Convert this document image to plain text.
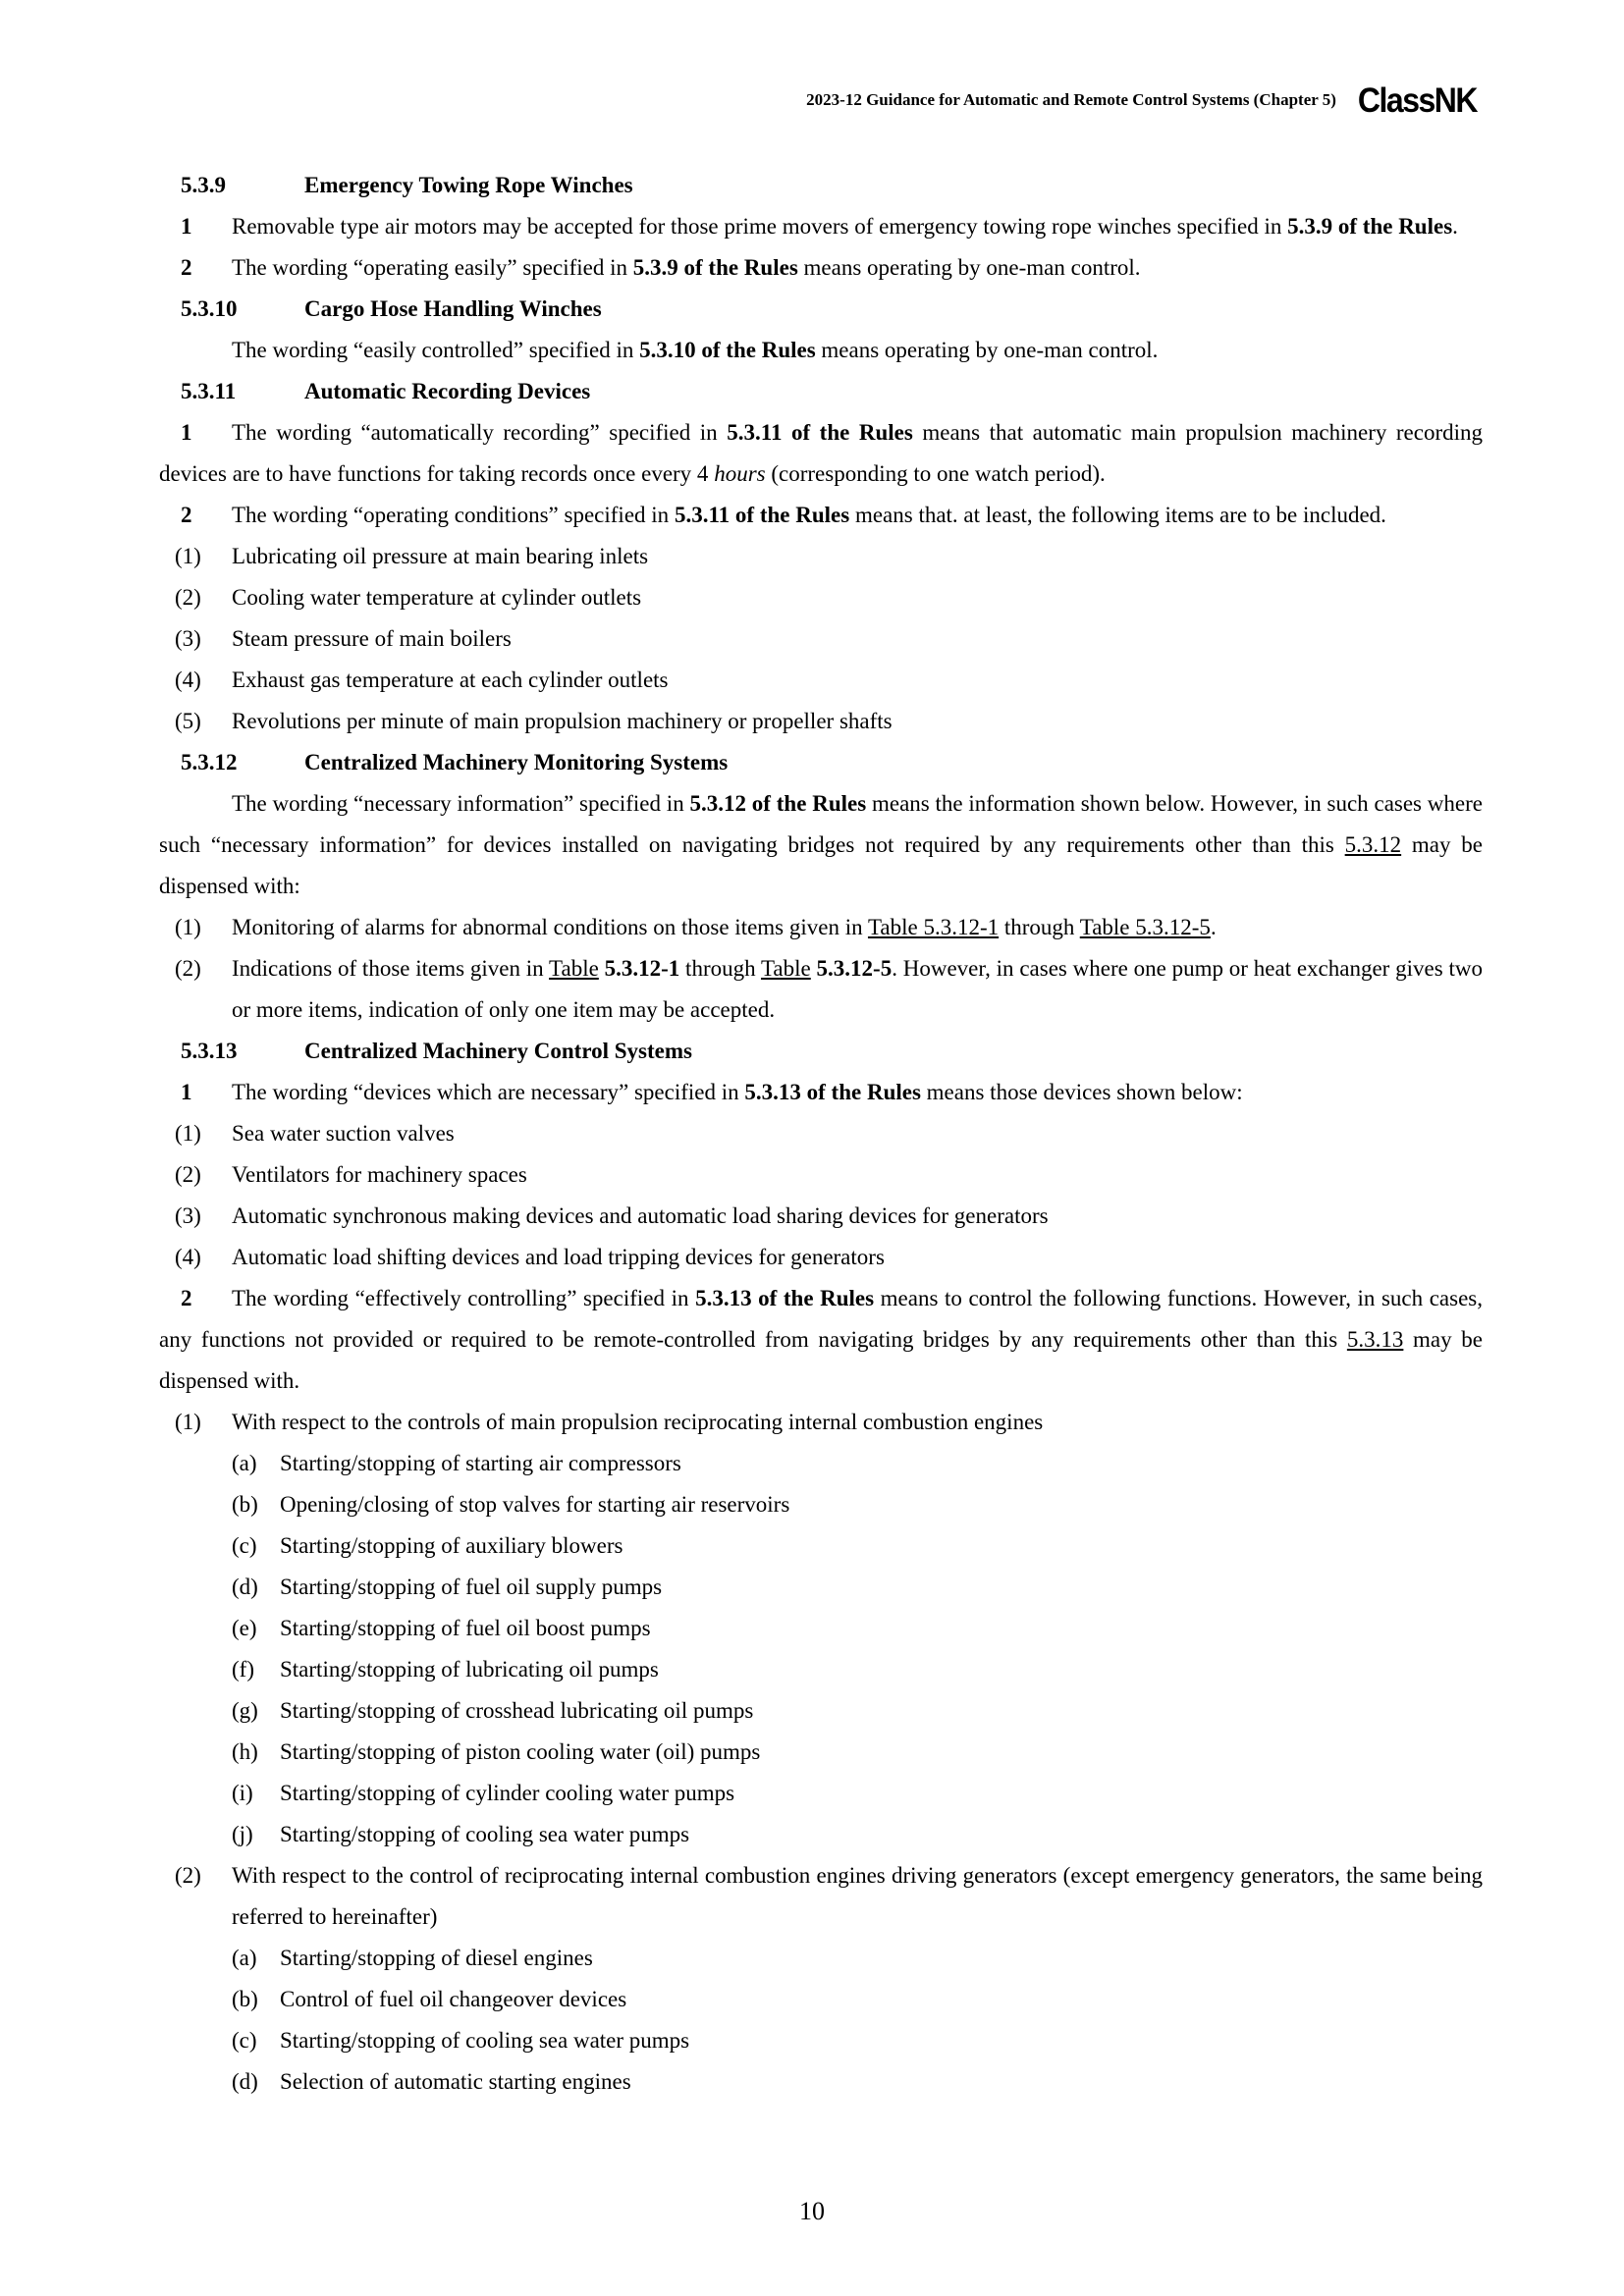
2023-12 Guidance for Automatic and Remote Control Systems (Chapter 5) ClassNK
5.3.9	Emergency Towing Rope Winches
1 Removable type air motors may be accepted for those prime movers of emergency towing rope winches specified in 5.3.9 of the Rules.
2 The wording “operating easily” specified in 5.3.9 of the Rules means operating by one-man control.
5.3.10	Cargo Hose Handling Winches
The wording “easily controlled” specified in 5.3.10 of the Rules means operating by one-man control.
5.3.11	Automatic Recording Devices
1 The wording “automatically recording” specified in 5.3.11 of the Rules means that automatic main propulsion machinery recording devices are to have functions for taking records once every 4 hours (corresponding to one watch period).
2 The wording “operating conditions” specified in 5.3.11 of the Rules means that. at least, the following items are to be included.
(1) Lubricating oil pressure at main bearing inlets
(2) Cooling water temperature at cylinder outlets
(3) Steam pressure of main boilers
(4) Exhaust gas temperature at each cylinder outlets
(5) Revolutions per minute of main propulsion machinery or propeller shafts
5.3.12	Centralized Machinery Monitoring Systems
The wording “necessary information” specified in 5.3.12 of the Rules means the information shown below. However, in such cases where such “necessary information” for devices installed on navigating bridges not required by any requirements other than this 5.3.12 may be dispensed with:
(1) Monitoring of alarms for abnormal conditions on those items given in Table 5.3.12-1 through Table 5.3.12-5.
(2) Indications of those items given in Table 5.3.12-1 through Table 5.3.12-5. However, in cases where one pump or heat exchanger gives two or more items, indication of only one item may be accepted.
5.3.13	Centralized Machinery Control Systems
1 The wording “devices which are necessary” specified in 5.3.13 of the Rules means those devices shown below:
(1) Sea water suction valves
(2) Ventilators for machinery spaces
(3) Automatic synchronous making devices and automatic load sharing devices for generators
(4) Automatic load shifting devices and load tripping devices for generators
2 The wording “effectively controlling” specified in 5.3.13 of the Rules means to control the following functions. However, in such cases, any functions not provided or required to be remote-controlled from navigating bridges by any requirements other than this 5.3.13 may be dispensed with.
(1) With respect to the controls of main propulsion reciprocating internal combustion engines
(a) Starting/stopping of starting air compressors
(b) Opening/closing of stop valves for starting air reservoirs
(c) Starting/stopping of auxiliary blowers
(d) Starting/stopping of fuel oil supply pumps
(e) Starting/stopping of fuel oil boost pumps
(f) Starting/stopping of lubricating oil pumps
(g) Starting/stopping of crosshead lubricating oil pumps
(h) Starting/stopping of piston cooling water (oil) pumps
(i) Starting/stopping of cylinder cooling water pumps
(j) Starting/stopping of cooling sea water pumps
(2) With respect to the control of reciprocating internal combustion engines driving generators (except emergency generators, the same being referred to hereinafter)
(a) Starting/stopping of diesel engines
(b) Control of fuel oil changeover devices
(c) Starting/stopping of cooling sea water pumps
(d) Selection of automatic starting engines
10
